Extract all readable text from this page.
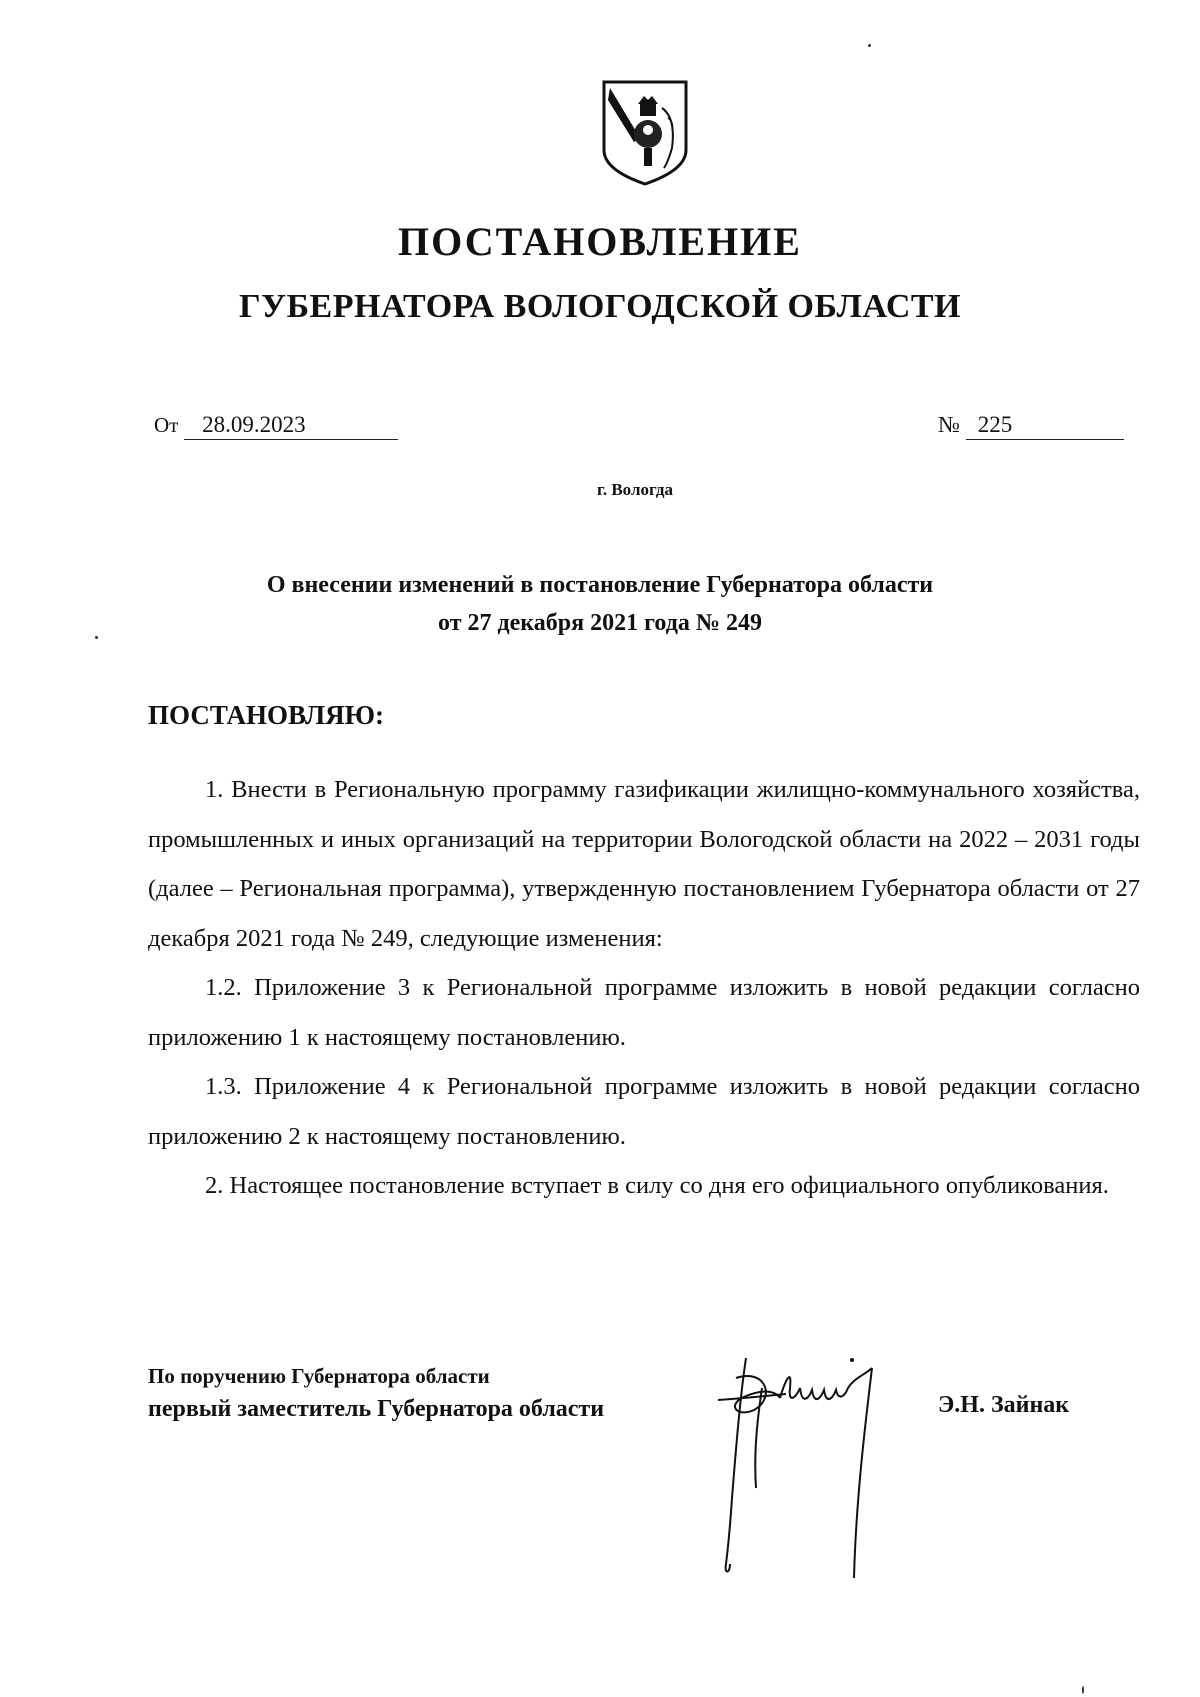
ПОСТАНОВЛЕНИЕ
ГУБЕРНАТОРА ВОЛОГОДСКОЙ ОБЛАСТИ
От 28.09.2023	№ 225
г. Вологда
О внесении изменений в постановление Губернатора области
от 27 декабря 2021 года № 249
ПОСТАНОВЛЯЮ:

1. Внести в Региональную программу газификации жилищно-коммунального хозяйства, промышленных и иных организаций на территории Вологодской области на 2022 – 2031 годы (далее – Региональная программа), утвержденную постановлением Губернатора области от 27 декабря 2021 года № 249, следующие изменения:

1.2. Приложение 3 к Региональной программе изложить в новой редакции согласно приложению 1 к настоящему постановлению.

1.3. Приложение 4 к Региональной программе изложить в новой редакции согласно приложению 2 к настоящему постановлению.

2. Настоящее постановление вступает в силу со дня его официального опубликования.

По поручению Губернатора области
первый заместитель Губернатора области	Э.Н. Зайнак
